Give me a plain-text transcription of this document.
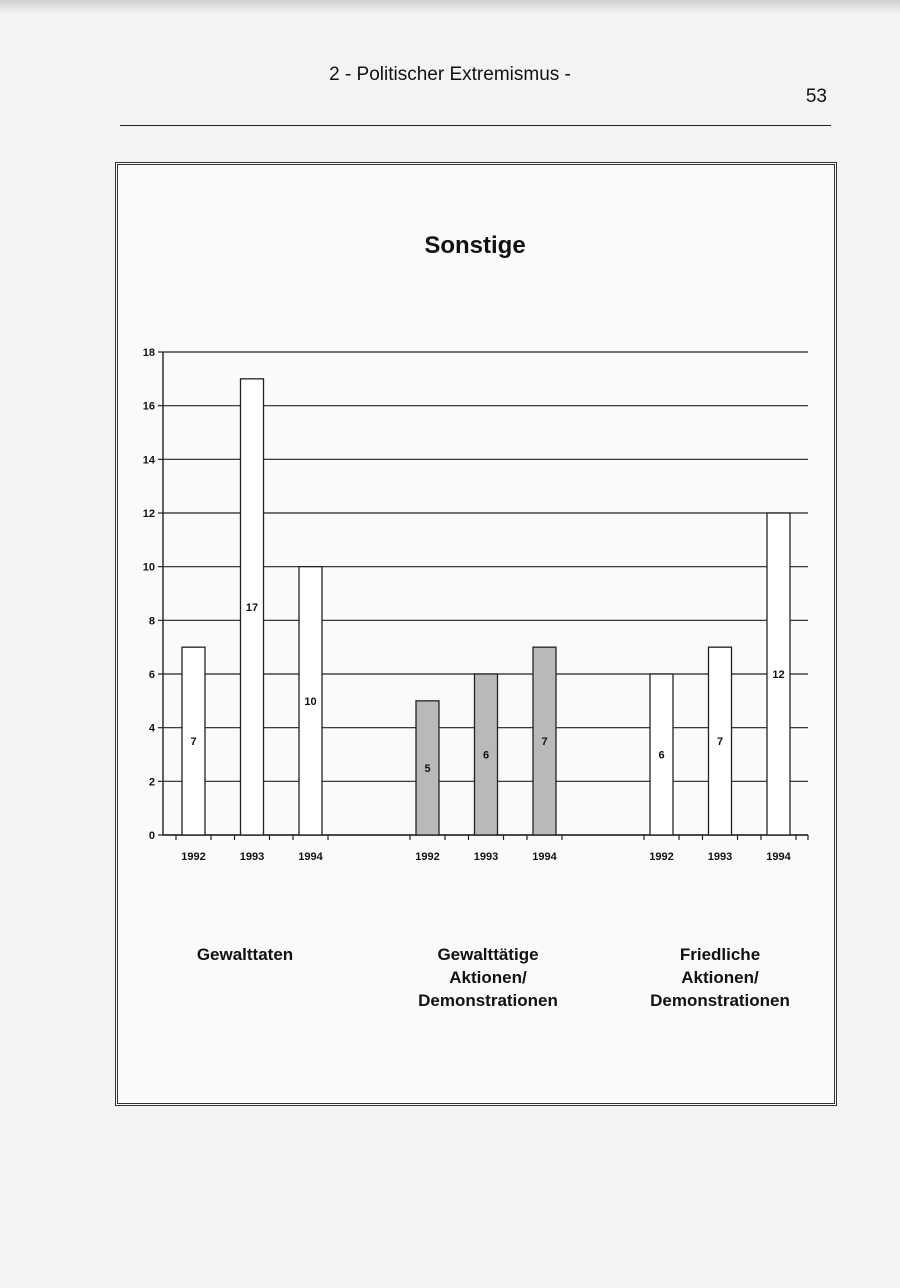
2 - Politischer Extremismus -
53
Sonstige
0
2
4
6
8
10
12
14
16
18
7
1992
17
1993
10
1994
5
1992
6
1993
7
1994
6
1992
7
1993
12
1994
Gewalttaten	Gewalttätige
Aktionen/
Demonstrationen
Friedliche
Aktionen/
Demonstrationen
